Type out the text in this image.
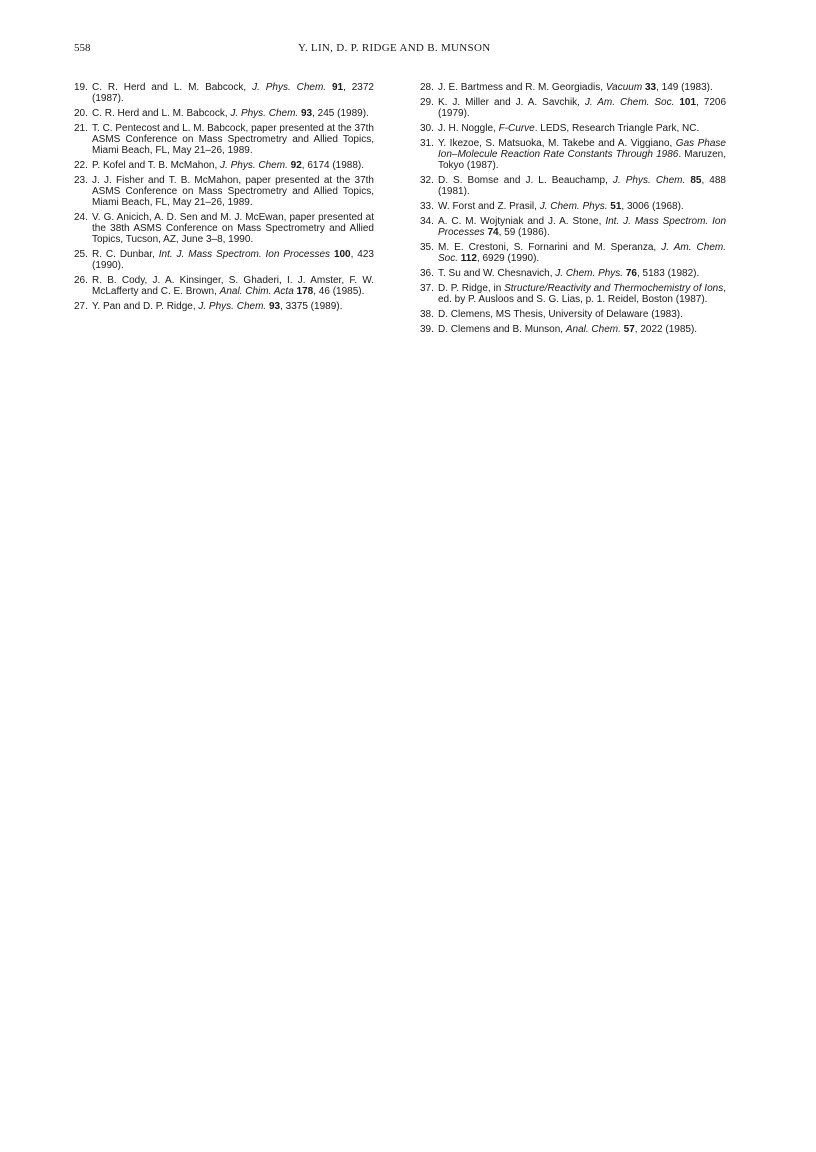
558	Y. LIN, D. P. RIDGE AND B. MUNSON
19. C. R. Herd and L. M. Babcock, J. Phys. Chem. 91, 2372 (1987).
20. C. R. Herd and L. M. Babcock, J. Phys. Chem. 93, 245 (1989).
21. T. C. Pentecost and L. M. Babcock, paper presented at the 37th ASMS Conference on Mass Spectrometry and Allied Topics, Miami Beach, FL, May 21–26, 1989.
22. P. Kofel and T. B. McMahon, J. Phys. Chem. 92, 6174 (1988).
23. J. J. Fisher and T. B. McMahon, paper presented at the 37th ASMS Conference on Mass Spectrometry and Allied Topics, Miami Beach, FL, May 21–26, 1989.
24. V. G. Anicich, A. D. Sen and M. J. McEwan, paper presented at the 38th ASMS Conference on Mass Spectrometry and Allied Topics, Tucson, AZ, June 3–8, 1990.
25. R. C. Dunbar, Int. J. Mass Spectrom. Ion Processes 100, 423 (1990).
26. R. B. Cody, J. A. Kinsinger, S. Ghaderi, I. J. Amster, F. W. McLafferty and C. E. Brown, Anal. Chim. Acta 178, 46 (1985).
27. Y. Pan and D. P. Ridge, J. Phys. Chem. 93, 3375 (1989).
28. J. E. Bartmess and R. M. Georgiadis, Vacuum 33, 149 (1983).
29. K. J. Miller and J. A. Savchik, J. Am. Chem. Soc. 101, 7206 (1979).
30. J. H. Noggle, F-Curve. LEDS, Research Triangle Park, NC.
31. Y. Ikezoe, S. Matsuoka, M. Takebe and A. Viggiano, Gas Phase Ion–Molecule Reaction Rate Constants Through 1986. Maruzen, Tokyo (1987).
32. D. S. Bomse and J. L. Beauchamp, J. Phys. Chem. 85, 488 (1981).
33. W. Forst and Z. Prasil, J. Chem. Phys. 51, 3006 (1968).
34. A. C. M. Wojtyniak and J. A. Stone, Int. J. Mass Spectrom. Ion Processes 74, 59 (1986).
35. M. E. Crestoni, S. Fornarini and M. Speranza, J. Am. Chem. Soc. 112, 6929 (1990).
36. T. Su and W. Chesnavich, J. Chem. Phys. 76, 5183 (1982).
37. D. P. Ridge, in Structure/Reactivity and Thermochemistry of Ions, ed. by P. Ausloos and S. G. Lias, p. 1. Reidel, Boston (1987).
38. D. Clemens, MS Thesis, University of Delaware (1983).
39. D. Clemens and B. Munson, Anal. Chem. 57, 2022 (1985).
